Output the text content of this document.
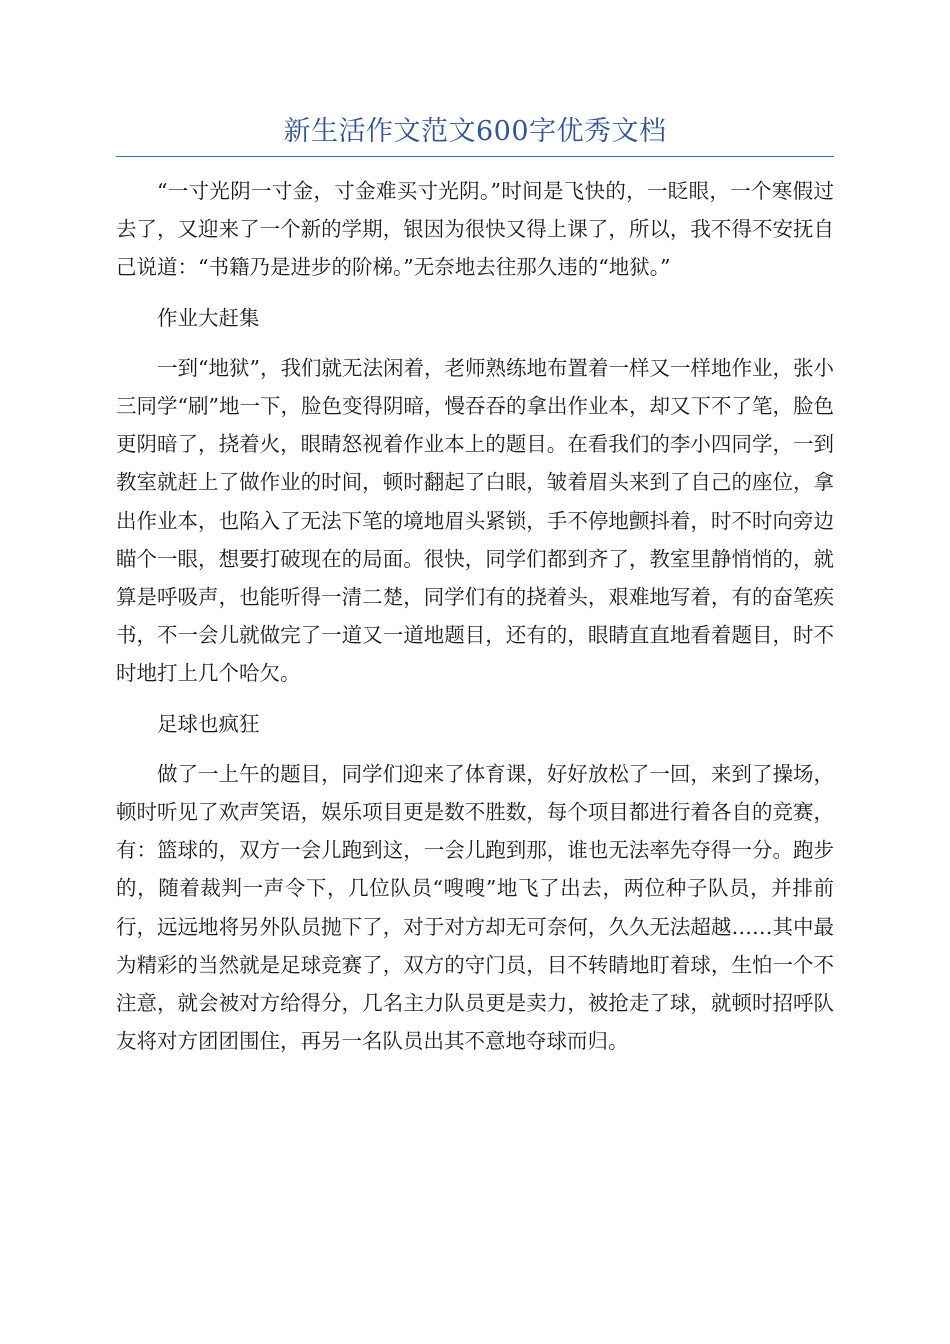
新生活作文范文600字优秀文档

“一寸光阴一寸金，寸金难买寸光阴。”时间是飞快的，一眨眼，一个寒假过去了，又迎来了一个新的学期，银因为很快又得上课了，所以，我不得不安抚自己说道：“书籍乃是进步的阶梯。”无奈地去往那久违的“地狱。”

作业大赶集

一到“地狱”，我们就无法闲着，老师熟练地布置着一样又一样地作业，张小三同学“刷”地一下，脸色变得阴暗，慢吞吞的拿出作业本，却又下不了笔，脸色更阴暗了，挠着火，眼睛怒视着作业本上的题目。在看我们的李小四同学，一到教室就赶上了做作业的时间，顿时翻起了白眼，皱着眉头来到了自己的座位，拿出作业本，也陷入了无法下笔的境地眉头紧锁，手不停地颤抖着，时不时向旁边瞄个一眼，想要打破现在的局面。很快，同学们都到齐了，教室里静悄悄的，就算是呼吸声，也能听得一清二楚，同学们有的挠着头，艰难地写着，有的奋笔疾书，不一会儿就做完了一道又一道地题目，还有的，眼睛直直地看着题目，时不时地打上几个哈欠。

足球也疯狂

做了一上午的题目，同学们迎来了体育课，好好放松了一回，来到了操场，顿时听见了欢声笑语，娱乐项目更是数不胜数，每个项目都进行着各自的竞赛，有：篮球的，双方一会儿跑到这，一会儿跑到那，谁也无法率先夺得一分。跑步的，随着裁判一声令下，几位队员“嗖嗖”地飞了出去，两位种子队员，并排前行，远远地将另外队员抛下了，对于对方却无可奈何，久久无法超越……其中最为精彩的当然就是足球竞赛了，双方的守门员，目不转睛地盯着球，生怕一个不注意，就会被对方给得分，几名主力队员更是卖力，被抢走了球，就顿时招呼队友将对方团团围住，再另一名队员出其不意地夺球而归。
